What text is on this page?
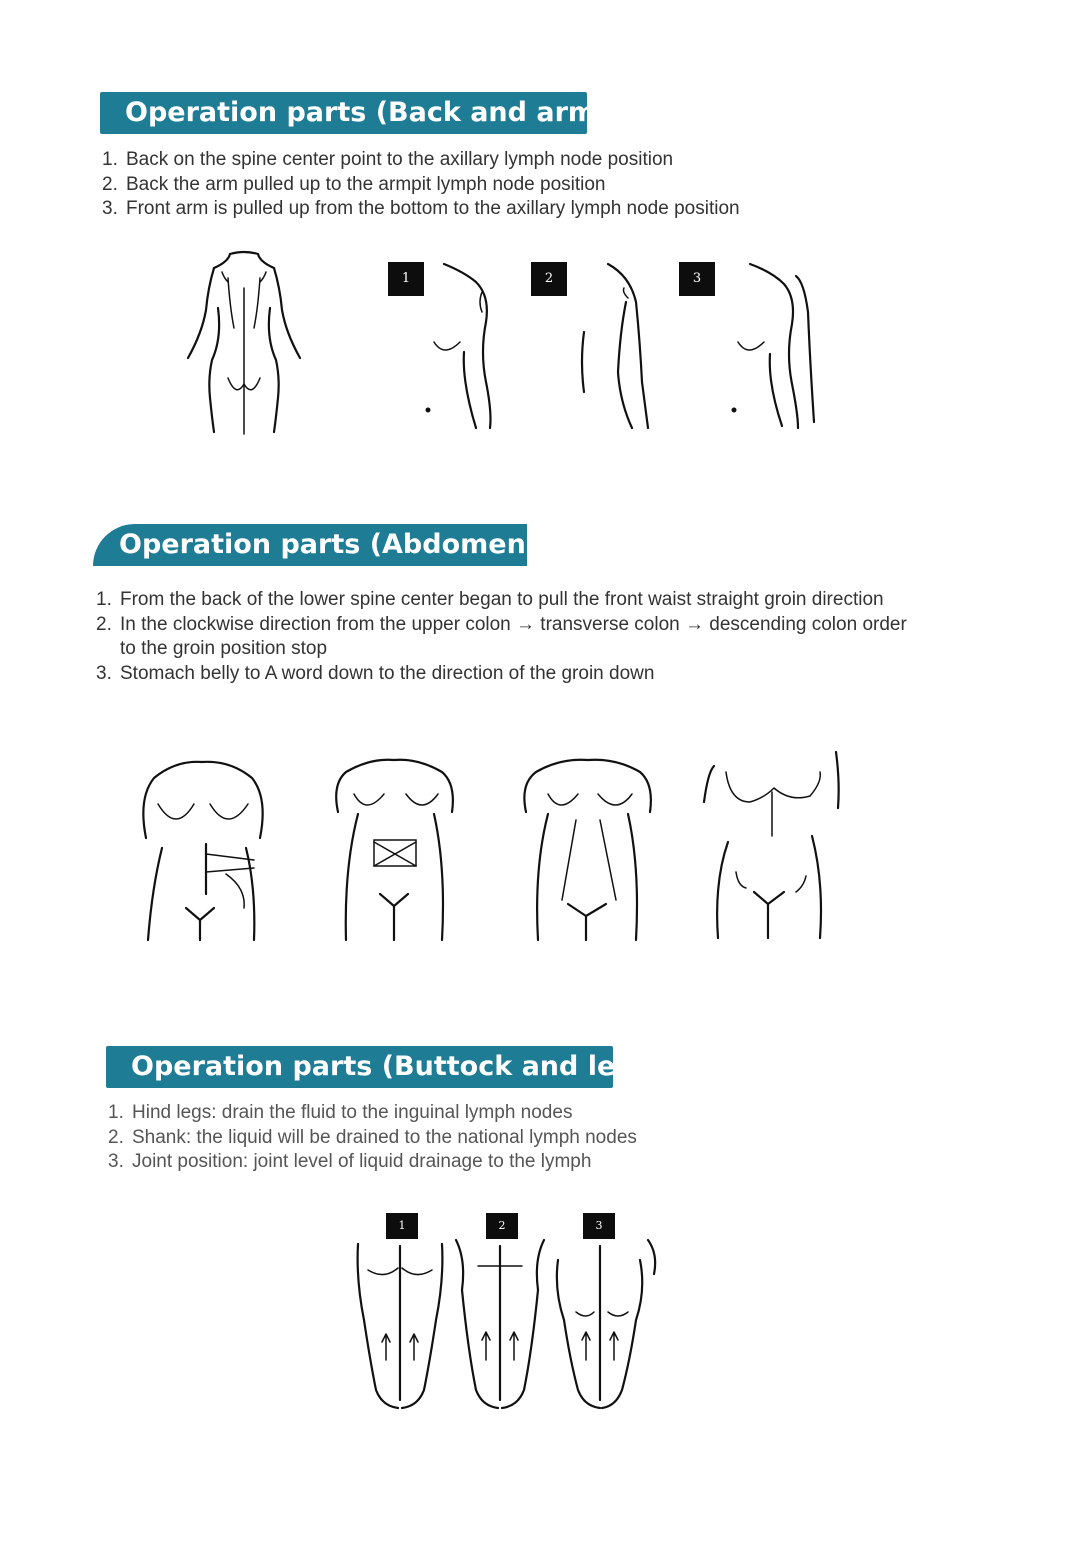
Operation parts (Back and arms)
1. Back on the spine center point to the axillary lymph node position
2. Back the arm pulled up to the armpit lymph node position
3. Front arm is pulled up from the bottom to the axillary lymph node position
1	2	3
Operation parts (Abdomen)
1. From the back of the lower spine center began to pull the front waist straight groin direction
2. In the clockwise direction from the upper colon → transverse colon → descending colon order to the groin position stop
3. Stomach belly to A word down to the direction of the groin down
Operation parts (Buttock and legs)
1. Hind legs: drain the fluid to the inguinal lymph nodes
2. Shank: the liquid will be drained to the national lymph nodes
3. Joint position: joint level of liquid drainage to the lymph
1	2	3
